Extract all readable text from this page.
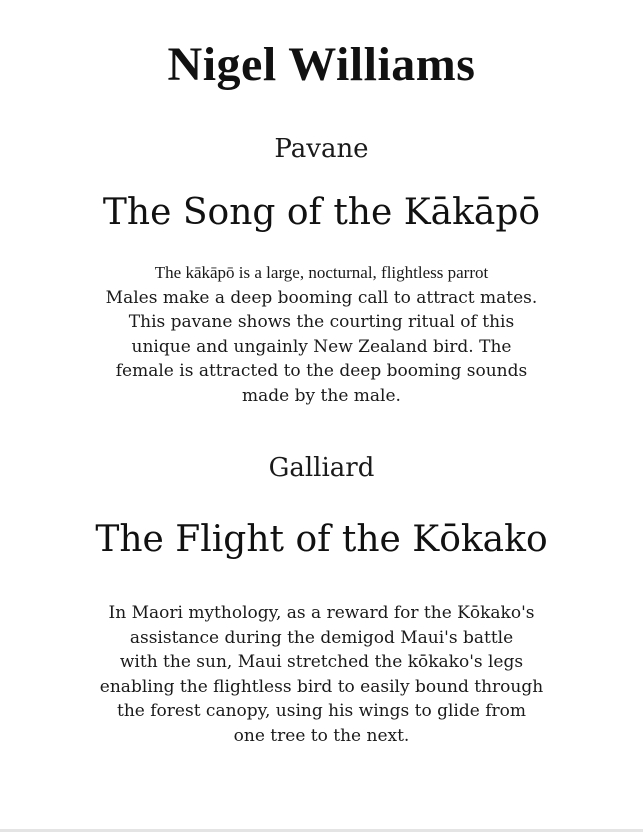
Nigel Williams
Pavane
The Song of the Kākāpō
The kākāpō is a large, nocturnal, flightless parrot
Males make a deep booming call to attract mates.
This pavane shows the courting ritual of this
unique and ungainly New Zealand bird. The
female is attracted to the deep booming sounds
made by the male.
Galliard
The Flight of the Kōkako
In Maori mythology, as a reward for the Kōkako's
assistance during the demigod Maui's battle
with the sun, Maui stretched the kōkako's legs
enabling the flightless bird to easily bound through
the forest canopy, using his wings to glide from
one tree to the next.
